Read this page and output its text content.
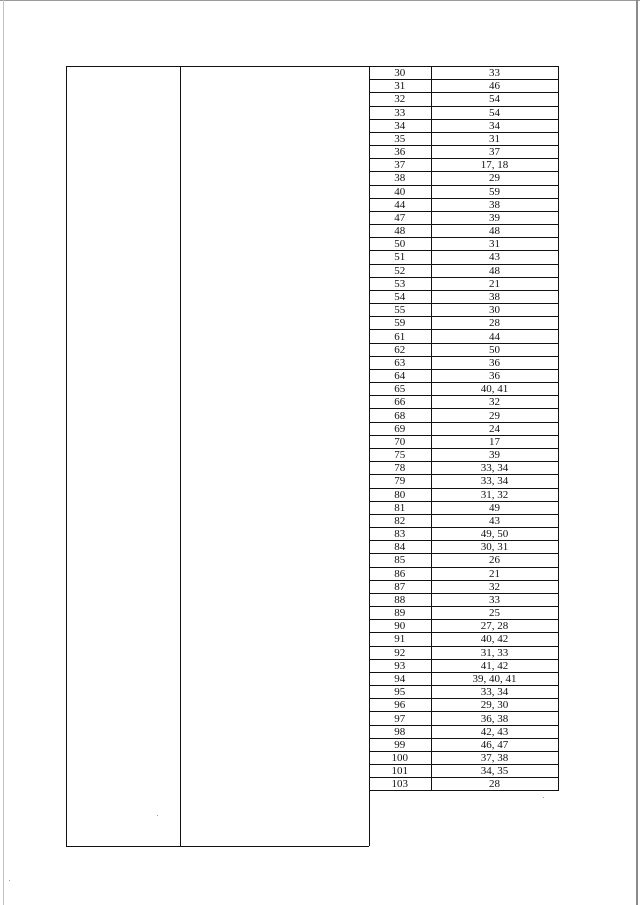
30	33
31	46
32	54
33	54
34	34
35	31
36	37
37	17, 18
38	29
40	59
44	38
47	39
48	48
50	31
51	43
52	48
53	21
54	38
55	30
59	28
61	44
62	50
63	36
64	36
65	40, 41
66	32
68	29
69	24
70	17
75	39
78	33, 34
79	33, 34
80	31, 32
81	49
82	43
83	49, 50
84	30, 31
85	26
86	21
87	32
88	33
89	25
90	27, 28
91	40, 42
92	31, 33
93	41, 42
94	39, 40, 41
95	33, 34
96	29, 30
97	36, 38
98	42, 43
99	46, 47
100	37, 38
101	34, 35
103	28
